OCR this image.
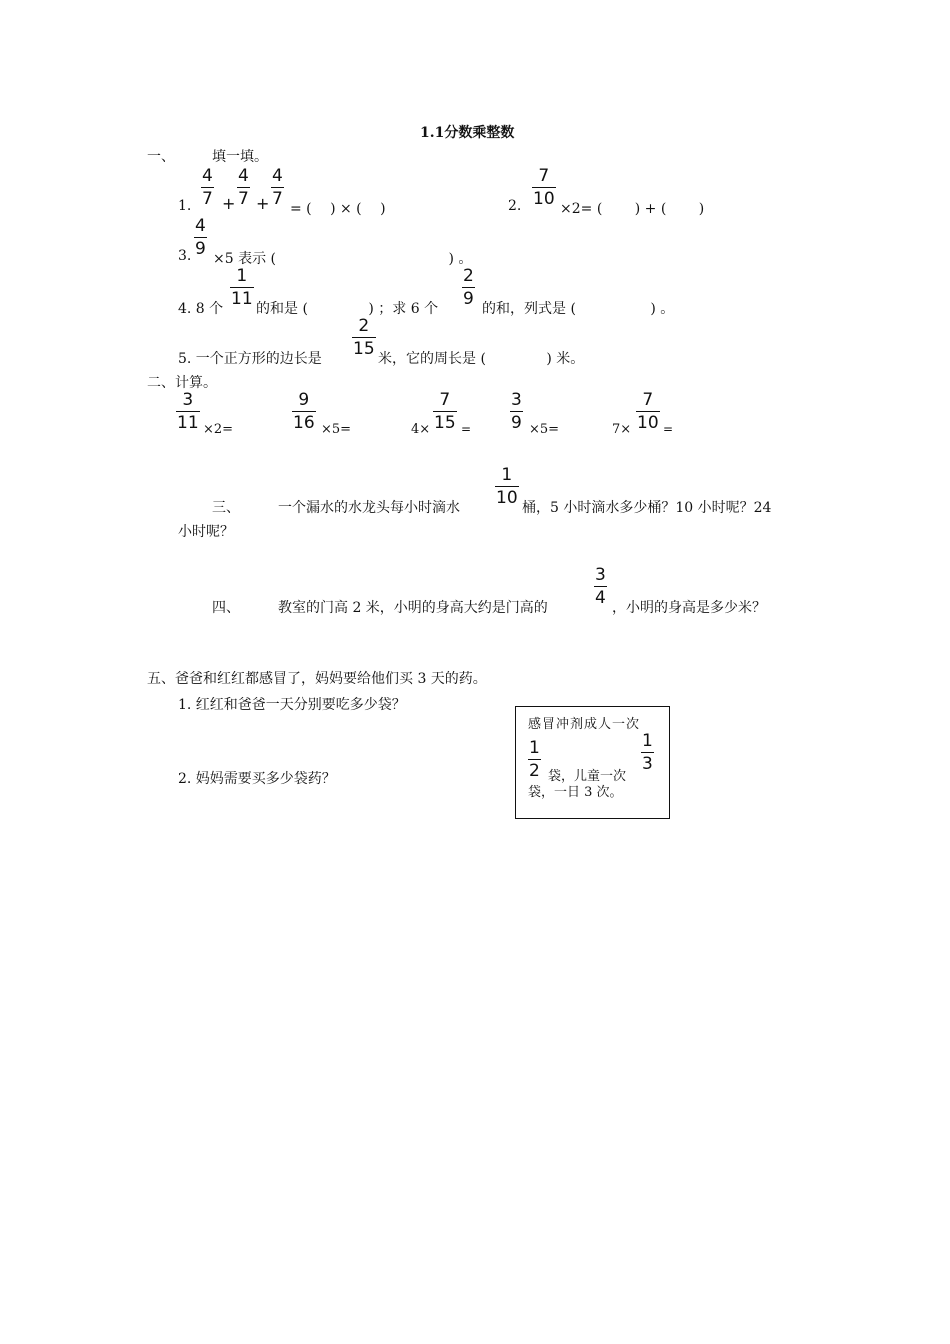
1.1分数乘整数
一、	填一填。
1.
4
7 +
4
7 +
4
7 = (　 ) × (　 )	2.
7
10 ×2= (　　 ) + (　　 )
3.
4
9 ×5 表示 (　　　　　　　　　　　　 ) 。
4. 8 个
1
11 的和是 (　　　　 ) ；求 6 个
2
9 的和，列式是 (　　　　　 ) 。
5. 一个正方形的边长是
2
15 米，它的周长是 (　　　　 ) 米。
二、计算。
3
11 ×2=
9
16 ×5=	4×
7
15 =
3
9 ×5=	7×
7
10 =
三、	一个漏水的水龙头每小时滴水
1
10 桶，5 小时滴水多少桶？10 小时呢？24
小时呢？
四、	教室的门高 2 米，小明的身高大约是门高的
3
4 ，小明的身高是多少米？
五、爸爸和红红都感冒了，妈妈要给他们买 3 天的药。
1. 红红和爸爸一天分别要吃多少袋？
2. 妈妈需要买多少袋药？
感冒冲剂成人一次
1
2 袋，儿童一次
1
3
袋，一日 3 次。
